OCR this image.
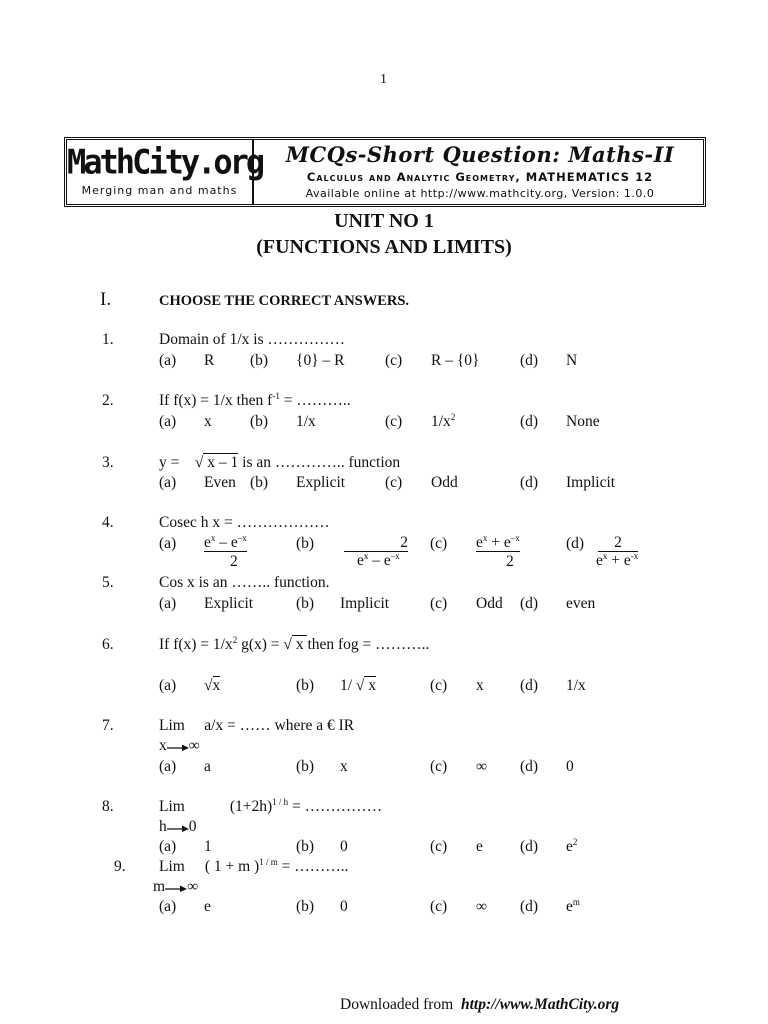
1
MathCity.org
Merging man and maths
MCQs-Short Question: Maths-II
Calculus and Analytic Geometry, MATHEMATICS 12
Available online at http://www.mathcity.org, Version: 1.0.0
UNIT NO 1
(FUNCTIONS AND LIMITS)
I.	CHOOSE THE CORRECT ANSWERS.
1.	Domain of 1/x is ……………
(a) R (b) {0} – R	(c) R – {0}	(d) N
2.	If f(x) = 1/x then $f^{-1}$ = ………..
(a) x (b) 1/x	(c) $1/x^2$	(d) None
3.	y = √ x – 1 is an ………….. function
(a) Even (b) Explicit	(c) Odd	(d) Implicit
4.	Cosec h x = ………………
(a) $e^x - e^{-x}$
2
(b)	2
$e^x - e^{-x}$
(c) $e^x + e^{-x}$
2
(d)	2
$e^x + e^{-x}$
5.	Cos x is an …….. function.
(a) Explicit	(b) Implicit	(c) Odd (d) even
6.	If $f(x) = 1/x^2$ g(x) = √ x then fog = ………..
(a) √x	(b) 1/ √ x	(c) x (d) 1/x
7.	Lim     a/x = …… where a € IR
x ∞
(a) a	(b) x	(c) ∞ (d) 0
8.	Lim	$(1+2h)^{1 / h}$ = ……………
h 0
(a) 1	(b) 0	(c) e (d) $e^2$
9. Lim ( 1 + m )$^{1 / m}$ = ………..
m ∞
(a) e	(b) 0	(c) ∞ (d) $e^m$
Downloaded from http://www.MathCity.org
